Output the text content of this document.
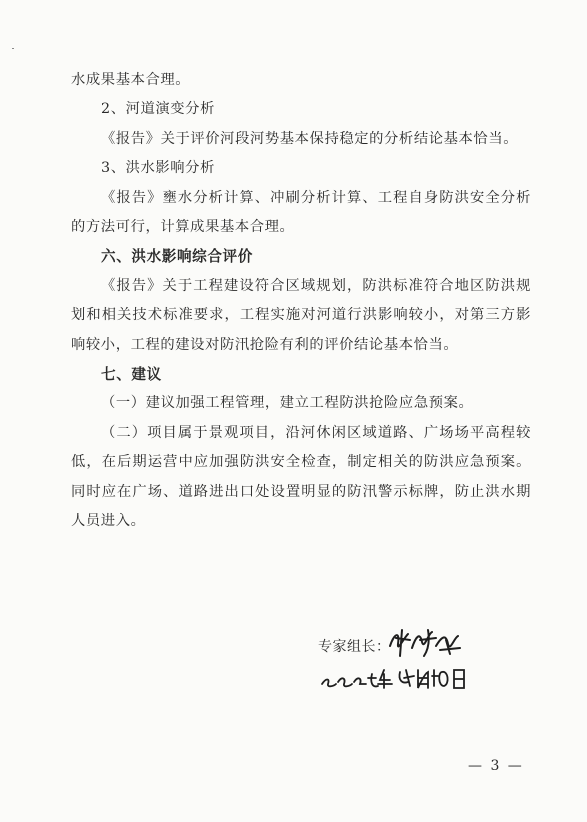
水成果基本合理。

2、河道演变分析

《报告》关于评价河段河势基本保持稳定的分析结论基本恰当。

3、洪水影响分析

《报告》壅水分析计算、冲刷分析计算、工程自身防洪安全分析的方法可行，计算成果基本合理。

六、洪水影响综合评价

《报告》关于工程建设符合区域规划，防洪标准符合地区防洪规划和相关技术标准要求，工程实施对河道行洪影响较小，对第三方影响较小，工程的建设对防汛抢险有利的评价结论基本恰当。

七、建议

（一）建议加强工程管理，建立工程防洪抢险应急预案。

（二）项目属于景观项目，沿河休闲区域道路、广场场平高程较低，在后期运营中应加强防洪安全检查，制定相关的防洪应急预案。同时应在广场、道路进出口处设置明显的防汛警示标牌，防止洪水期人员进入。

专家组长：
— 3 —
